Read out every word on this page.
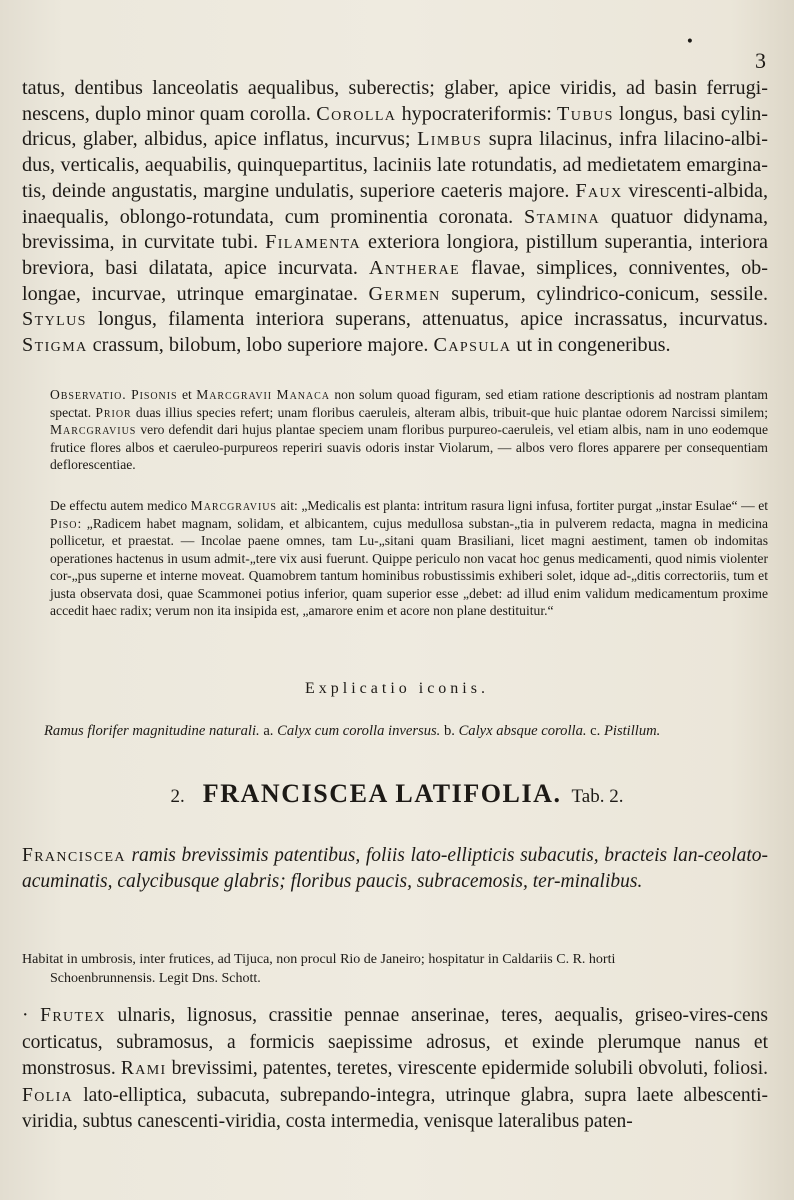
•
3

tatus, dentibus lanceolatis aequalibus, suberectis; glaber, apice viridis, ad basin ferrugi-nescens, duplo minor quam corolla. Corolla hypocrateriformis: Tubus longus, basi cylin-dricus, glaber, albidus, apice inflatus, incurvus; Limbus supra lilacinus, infra lilacino-albi-dus, verticalis, aequabilis, quinquepartitus, laciniis late rotundatis, ad medietatem emargina-tis, deinde angustatis, margine undulatis, superiore caeteris majore. Faux virescenti-albida, inaequalis, oblongo-rotundata, cum prominentia coronata. Stamina quatuor didynama, brevissima, in curvitate tubi. Filamenta exteriora longiora, pistillum superantia, interiora breviora, basi dilatata, apice incurvata. Antherae flavae, simplices, conniventes, ob-longae, incurvae, utrinque emarginatae. Germen superum, cylindrico-conicum, sessile. Stylus longus, filamenta interiora superans, attenuatus, apice incrassatus, incurvatus. Stigma crassum, bilobum, lobo superiore majore. Capsula ut in congeneribus.

Observatio. Pisonis et Marcgravii Manaca non solum quoad figuram, sed etiam ratione descriptionis ad nostram plantam spectat. Prior duas illius species refert; unam floribus caeruleis, alteram albis, tribuit-que huic plantae odorem Narcissi similem; Marcgravius vero defendit dari hujus plantae speciem unam floribus purpureo-caeruleis, vel etiam albis, nam in uno eodemque frutice flores albos et caeruleo-purpureos reperiri suavis odoris instar Violarum, — albos vero flores apparere per consequentiam deflorescentiae.

De effectu autem medico Marcgravius ait: „Medicalis est planta: intritum rasura ligni infusa, fortiter purgat „instar Esulae“ — et Piso: „Radicem habet magnam, solidam, et albicantem, cujus medullosa substan-„tia in pulverem redacta, magna in medicina pollicetur, et praestat. — Incolae paene omnes, tam Lu-„sitani quam Brasiliani, licet magni aestiment, tamen ob indomitas operationes hactenus in usum admit-„tere vix ausi fuerunt. Quippe periculo non vacat hoc genus medicamenti, quod nimis violenter cor-„pus superne et interne moveat. Quamobrem tantum hominibus robustissimis exhiberi solet, idque ad-„ditis correctoriis, tum et justa observata dosi, quae Scammonei potius inferior, quam superior esse „debet: ad illud enim validum medicamentum proxime accedit haec radix; verum non ita insipida est, „amarore enim et acore non plane destituitur.“

Explicatio iconis.
Ramus florifer magnitudine naturali. a. Calyx cum corolla inversus. b. Calyx absque corolla. c. Pistillum.
2. FRANCISCEA LATIFOLIA. Tab. 2.

Franciscea ramis brevissimis patentibus, foliis lato-ellipticis subacutis, bracteis lan-ceolato-acuminatis, calycibusque glabris; floribus paucis, subracemosis, ter-minalibus.

Habitat in umbrosis, inter frutices, ad Tijuca, non procul Rio de Janeiro; hospitatur in Caldariis C. R. horti
Schoenbrunnensis. Legit Dns. Schott.

· Frutex ulnaris, lignosus, crassitie pennae anserinae, teres, aequalis, griseo-vires-cens corticatus, subramosus, a formicis saepissime adrosus, et exinde plerumque nanus et monstrosus. Rami brevissimi, patentes, teretes, virescente epidermide solubili obvoluti, foliosi. Folia lato-elliptica, subacuta, subrepando-integra, utrinque glabra, supra laete albescenti-viridia, subtus canescenti-viridia, costa intermedia, venisque lateralibus paten-
